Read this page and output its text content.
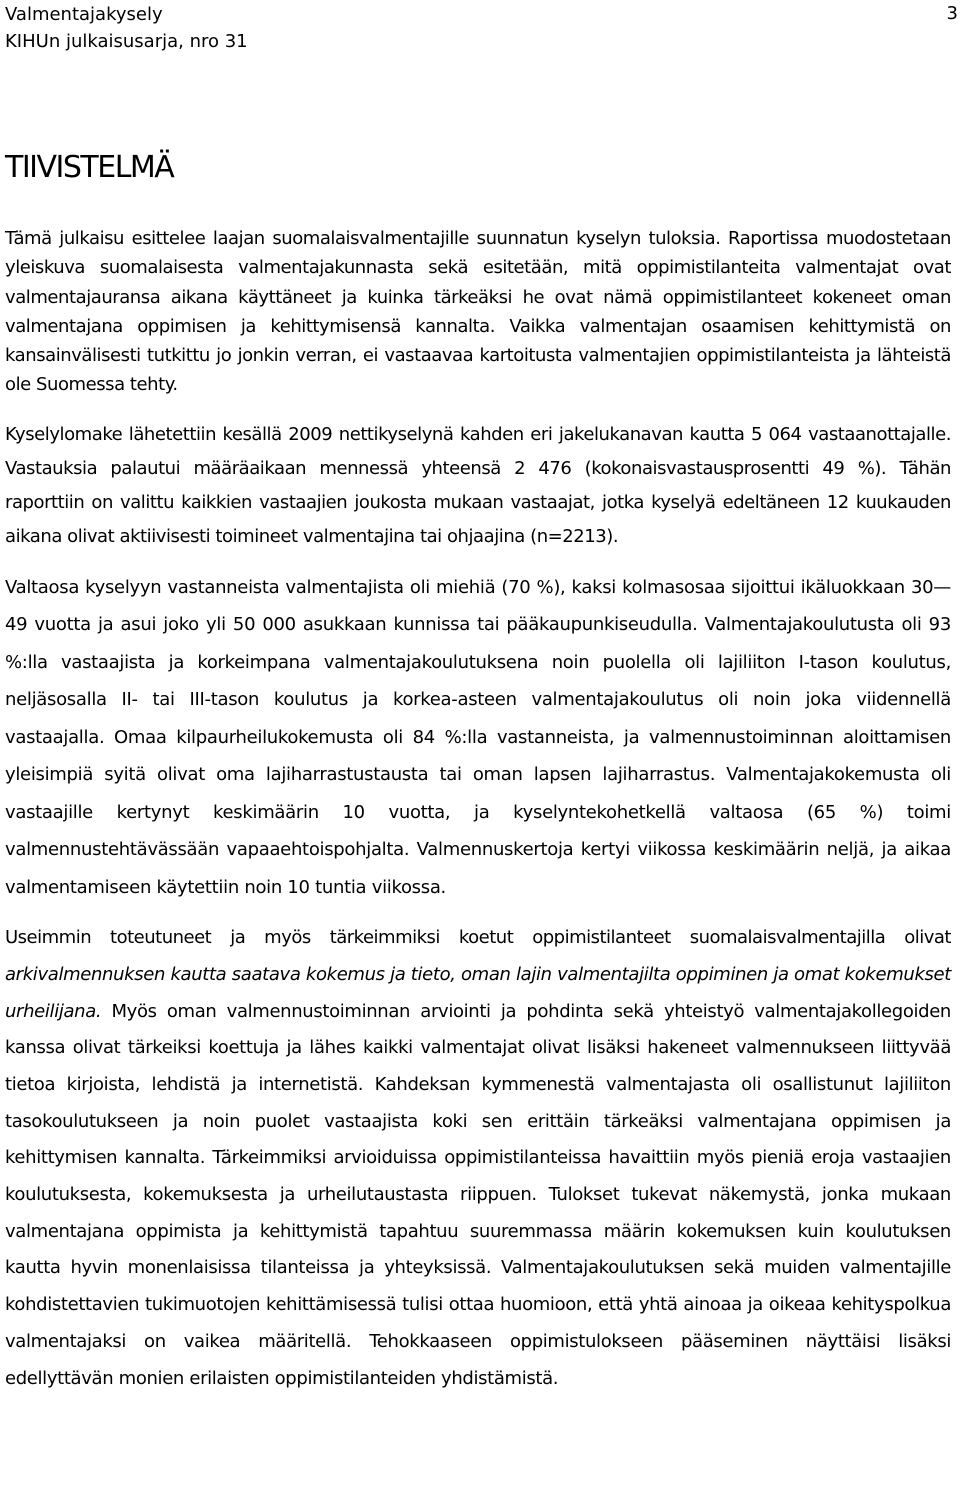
Valmentajakysely
KIHUn julkaisusarja, nro 31
3
TIIVISTELMÄ

Tämä julkaisu esittelee laajan suomalaisvalmentajille suunnatun kyselyn tuloksia. Raportissa muodostetaan yleiskuva suomalaisesta valmentajakunnasta sekä esitetään, mitä oppimistilanteita valmentajat ovat valmentajauransa aikana käyttäneet ja kuinka tärkeäksi he ovat nämä oppimistilanteet kokeneet oman valmentajana oppimisen ja kehittymisensä kannalta. Vaikka valmentajan osaamisen kehittymistä on kansainvälisesti tutkittu jo jonkin verran, ei vastaavaa kartoitusta valmentajien oppimistilanteista ja lähteistä ole Suomessa tehty.

Kyselylomake lähetettiin kesällä 2009 nettikyselynä kahden eri jakelukanavan kautta 5 064 vastaanottajalle. Vastauksia palautui määräaikaan mennessä yhteensä 2 476 (kokonaisvastausprosentti 49 %). Tähän raporttiin on valittu kaikkien vastaajien joukosta mukaan vastaajat, jotka kyselyä edeltäneen 12 kuukauden aikana olivat aktiivisesti toimineet valmentajina tai ohjaajina (n=2213).

Valtaosa kyselyyn vastanneista valmentajista oli miehiä (70 %), kaksi kolmasosaa sijoittui ikäluokkaan 30—49 vuotta ja asui joko yli 50 000 asukkaan kunnissa tai pääkaupunkiseudulla. Valmentajakoulutusta oli 93 %:lla vastaajista ja korkeimpana valmentajakoulutuksena noin puolella oli lajiliiton I-tason koulutus, neljäsosalla II- tai III-tason koulutus ja korkea-asteen valmentajakoulutus oli noin joka viidennellä vastaajalla. Omaa kilpaurheilukokemusta oli 84 %:lla vastanneista, ja valmennustoiminnan aloittamisen yleisimpiä syitä olivat oma lajiharrastustausta tai oman lapsen lajiharrastus. Valmentajakokemusta oli vastaajille kertynyt keskimäärin 10 vuotta, ja kyselyntekohetkellä valtaosa (65 %) toimi valmennustehtävässään vapaaehtoispohjalta. Valmennuskertoja kertyi viikossa keskimäärin neljä, ja aikaa valmentamiseen käytettiin noin 10 tuntia viikossa.

Useimmin toteutuneet ja myös tärkeimmiksi koetut oppimistilanteet suomalaisvalmentajilla olivat arkivalmennuksen kautta saatava kokemus ja tieto, oman lajin valmentajilta oppiminen ja omat kokemukset urheilijana. Myös oman valmennustoiminnan arviointi ja pohdinta sekä yhteistyö valmentajakollegoiden kanssa olivat tärkeiksi koettuja ja lähes kaikki valmentajat olivat lisäksi hakeneet valmennukseen liittyvää tietoa kirjoista, lehdistä ja internetistä. Kahdeksan kymmenestä valmentajasta oli osallistunut lajiliiton tasokoulutukseen ja noin puolet vastaajista koki sen erittäin tärkeäksi valmentajana oppimisen ja kehittymisen kannalta. Tärkeimmiksi arvioiduissa oppimistilanteissa havaittiin myös pieniä eroja vastaajien koulutuksesta, kokemuksesta ja urheilutaustasta riippuen. Tulokset tukevat näkemystä, jonka mukaan valmentajana oppimista ja kehittymistä tapahtuu suuremmassa määrin kokemuksen kuin koulutuksen kautta hyvin monenlaisissa tilanteissa ja yhteyksissä. Valmentajakoulutuksen sekä muiden valmentajille kohdistettavien tukimuotojen kehittämisessä tulisi ottaa huomioon, että yhtä ainoaa ja oikeaa kehityspolkua valmentajaksi on vaikea määritellä. Tehokkaaseen oppimistulokseen pääseminen näyttäisi lisäksi edellyttävän monien erilaisten oppimistilanteiden yhdistämistä.
